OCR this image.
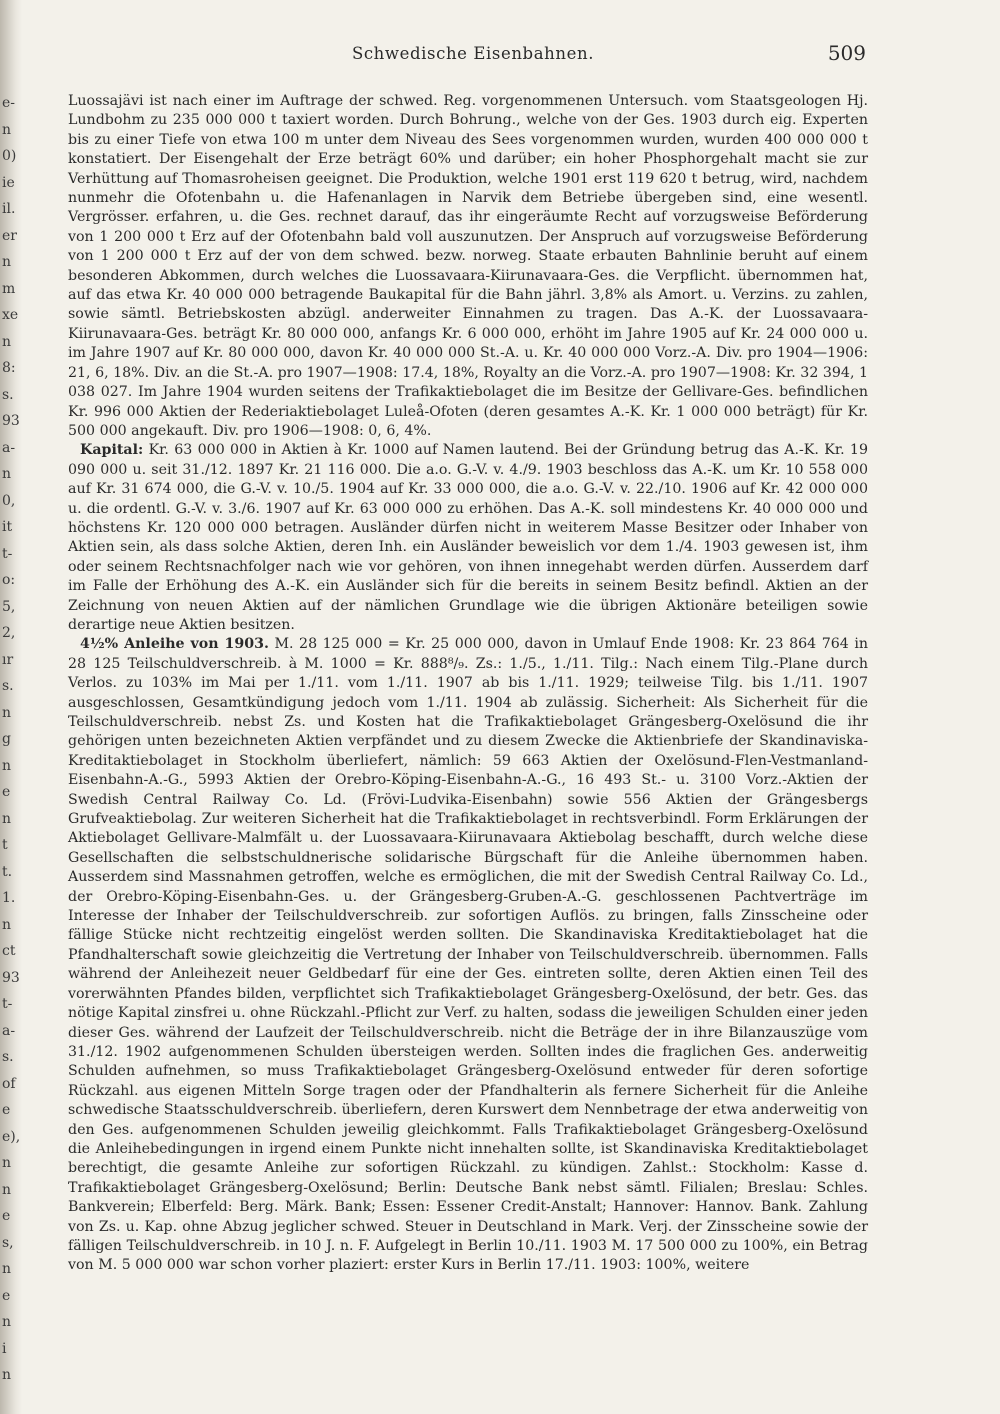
e-
n
0)
ie
il.
er
n
m
xe
n
8:
s.
93
a-
n
0,
it
t-
o:
5,
2,
ır
s.
n
g
n
e
n
t
t.
1.
n
ct
93
t-
a-
s.
of
e
e),
n
n
e
s,
n
e
n
i
n
Schwedische Eisenbahnen.	509

Luossajävi ist nach einer im Auftrage der schwed. Reg. vorgenommenen Untersuch. vom Staatsgeologen Hj. Lundbohm zu 235 000 000 t taxiert worden. Durch Bohrung., welche von der Ges. 1903 durch eig. Experten bis zu einer Tiefe von etwa 100 m unter dem Niveau des Sees vorgenommen wurden, wurden 400 000 000 t konstatiert. Der Eisengehalt der Erze beträgt 60% und darüber; ein hoher Phosphorgehalt macht sie zur Verhüttung auf Thomasroheisen geeignet. Die Produktion, welche 1901 erst 119 620 t betrug, wird, nachdem nunmehr die Ofotenbahn u. die Hafenanlagen in Narvik dem Betriebe übergeben sind, eine wesentl. Vergrösser. erfahren, u. die Ges. rechnet darauf, das ihr eingeräumte Recht auf vorzugsweise Beförderung von 1 200 000 t Erz auf der Ofotenbahn bald voll auszunutzen. Der Anspruch auf vorzugsweise Beförderung von 1 200 000 t Erz auf der von dem schwed. bezw. norweg. Staate erbauten Bahnlinie beruht auf einem besonderen Abkommen, durch welches die Luossavaara-Kiirunavaara-Ges. die Verpflicht. übernommen hat, auf das etwa Kr. 40 000 000 betragende Baukapital für die Bahn jährl. 3,8% als Amort. u. Verzins. zu zahlen, sowie sämtl. Betriebskosten abzügl. anderweiter Einnahmen zu tragen. Das A.-K. der Luossavaara-Kiirunavaara-Ges. beträgt Kr. 80 000 000, anfangs Kr. 6 000 000, erhöht im Jahre 1905 auf Kr. 24 000 000 u. im Jahre 1907 auf Kr. 80 000 000, davon Kr. 40 000 000 St.-A. u. Kr. 40 000 000 Vorz.-A. Div. pro 1904—1906: 21, 6, 18%. Div. an die St.-A. pro 1907—1908: 17.4, 18%, Royalty an die Vorz.-A. pro 1907—1908: Kr. 32 394, 1 038 027. Im Jahre 1904 wurden seitens der Trafikaktiebolaget die im Besitze der Gellivare-Ges. befindlichen Kr. 996 000 Aktien der Rederiaktiebolaget Luleå-Ofoten (deren gesamtes A.-K. Kr. 1 000 000 beträgt) für Kr. 500 000 angekauft. Div. pro 1906—1908: 0, 6, 4%.

Kapital: Kr. 63 000 000 in Aktien à Kr. 1000 auf Namen lautend. Bei der Gründung betrug das A.-K. Kr. 19 090 000 u. seit 31./12. 1897 Kr. 21 116 000. Die a.o. G.-V. v. 4./9. 1903 beschloss das A.-K. um Kr. 10 558 000 auf Kr. 31 674 000, die G.-V. v. 10./5. 1904 auf Kr. 33 000 000, die a.o. G.-V. v. 22./10. 1906 auf Kr. 42 000 000 u. die ordentl. G.-V. v. 3./6. 1907 auf Kr. 63 000 000 zu erhöhen. Das A.-K. soll mindestens Kr. 40 000 000 und höchstens Kr. 120 000 000 betragen. Ausländer dürfen nicht in weiterem Masse Besitzer oder Inhaber von Aktien sein, als dass solche Aktien, deren Inh. ein Ausländer beweislich vor dem 1./4. 1903 gewesen ist, ihm oder seinem Rechtsnachfolger nach wie vor gehören, von ihnen innegehabt werden dürfen. Ausserdem darf im Falle der Erhöhung des A.-K. ein Ausländer sich für die bereits in seinem Besitz befindl. Aktien an der Zeichnung von neuen Aktien auf der nämlichen Grundlage wie die übrigen Aktionäre beteiligen sowie derartige neue Aktien besitzen.

4½% Anleihe von 1903. M. 28 125 000 = Kr. 25 000 000, davon in Umlauf Ende 1908: Kr. 23 864 764 in 28 125 Teilschuldverschreib. à M. 1000 = Kr. 888⁸/₉. Zs.: 1./5., 1./11. Tilg.: Nach einem Tilg.-Plane durch Verlos. zu 103% im Mai per 1./11. vom 1./11. 1907 ab bis 1./11. 1929; teilweise Tilg. bis 1./11. 1907 ausgeschlossen, Gesamtkündigung jedoch vom 1./11. 1904 ab zulässig. Sicherheit: Als Sicherheit für die Teilschuldverschreib. nebst Zs. und Kosten hat die Trafikaktiebolaget Grängesberg-Oxelösund die ihr gehörigen unten bezeichneten Aktien verpfändet und zu diesem Zwecke die Aktienbriefe der Skandinaviska-Kreditaktiebolaget in Stockholm überliefert, nämlich: 59 663 Aktien der Oxelösund-Flen-Vestmanland-Eisenbahn-A.-G., 5993 Aktien der Orebro-Köping-Eisenbahn-A.-G., 16 493 St.- u. 3100 Vorz.-Aktien der Swedish Central Railway Co. Ld. (Frövi-Ludvika-Eisenbahn) sowie 556 Aktien der Grängesbergs Grufveaktiebolag. Zur weiteren Sicherheit hat die Trafikaktiebolaget in rechtsverbindl. Form Erklärungen der Aktiebolaget Gellivare-Malmfält u. der Luossavaara-Kiirunavaara Aktiebolag beschafft, durch welche diese Gesellschaften die selbstschuldnerische solidarische Bürgschaft für die Anleihe übernommen haben. Ausserdem sind Massnahmen getroffen, welche es ermöglichen, die mit der Swedish Central Railway Co. Ld., der Orebro-Köping-Eisenbahn-Ges. u. der Grängesberg-Gruben-A.-G. geschlossenen Pachtverträge im Interesse der Inhaber der Teilschuldverschreib. zur sofortigen Auflös. zu bringen, falls Zinsscheine oder fällige Stücke nicht rechtzeitig eingelöst werden sollten. Die Skandinaviska Kreditaktiebolaget hat die Pfandhalterschaft sowie gleichzeitig die Vertretung der Inhaber von Teilschuldverschreib. übernommen. Falls während der Anleihezeit neuer Geldbedarf für eine der Ges. eintreten sollte, deren Aktien einen Teil des vorerwähnten Pfandes bilden, verpflichtet sich Trafikaktiebolaget Grängesberg-Oxelösund, der betr. Ges. das nötige Kapital zinsfrei u. ohne Rückzahl.-Pflicht zur Verf. zu halten, sodass die jeweiligen Schulden einer jeden dieser Ges. während der Laufzeit der Teilschuldverschreib. nicht die Beträge der in ihre Bilanzauszüge vom 31./12. 1902 aufgenommenen Schulden übersteigen werden. Sollten indes die fraglichen Ges. anderweitig Schulden aufnehmen, so muss Trafikaktiebolaget Grängesberg-Oxelösund entweder für deren sofortige Rückzahl. aus eigenen Mitteln Sorge tragen oder der Pfandhalterin als fernere Sicherheit für die Anleihe schwedische Staatsschuldverschreib. überliefern, deren Kurswert dem Nennbetrage der etwa anderweitig von den Ges. aufgenommenen Schulden jeweilig gleichkommt. Falls Trafikaktiebolaget Grängesberg-Oxelösund die Anleihebedingungen in irgend einem Punkte nicht innehalten sollte, ist Skandinaviska Kreditaktiebolaget berechtigt, die gesamte Anleihe zur sofortigen Rückzahl. zu kündigen. Zahlst.: Stockholm: Kasse d. Trafikaktiebolaget Grängesberg-Oxelösund; Berlin: Deutsche Bank nebst sämtl. Filialen; Breslau: Schles. Bankverein; Elberfeld: Berg. Märk. Bank; Essen: Essener Credit-Anstalt; Hannover: Hannov. Bank. Zahlung von Zs. u. Kap. ohne Abzug jeglicher schwed. Steuer in Deutschland in Mark. Verj. der Zinsscheine sowie der fälligen Teilschuldverschreib. in 10 J. n. F. Aufgelegt in Berlin 10./11. 1903 M. 17 500 000 zu 100%, ein Betrag von M. 5 000 000 war schon vorher plaziert: erster Kurs in Berlin 17./11. 1903: 100%, weitere
